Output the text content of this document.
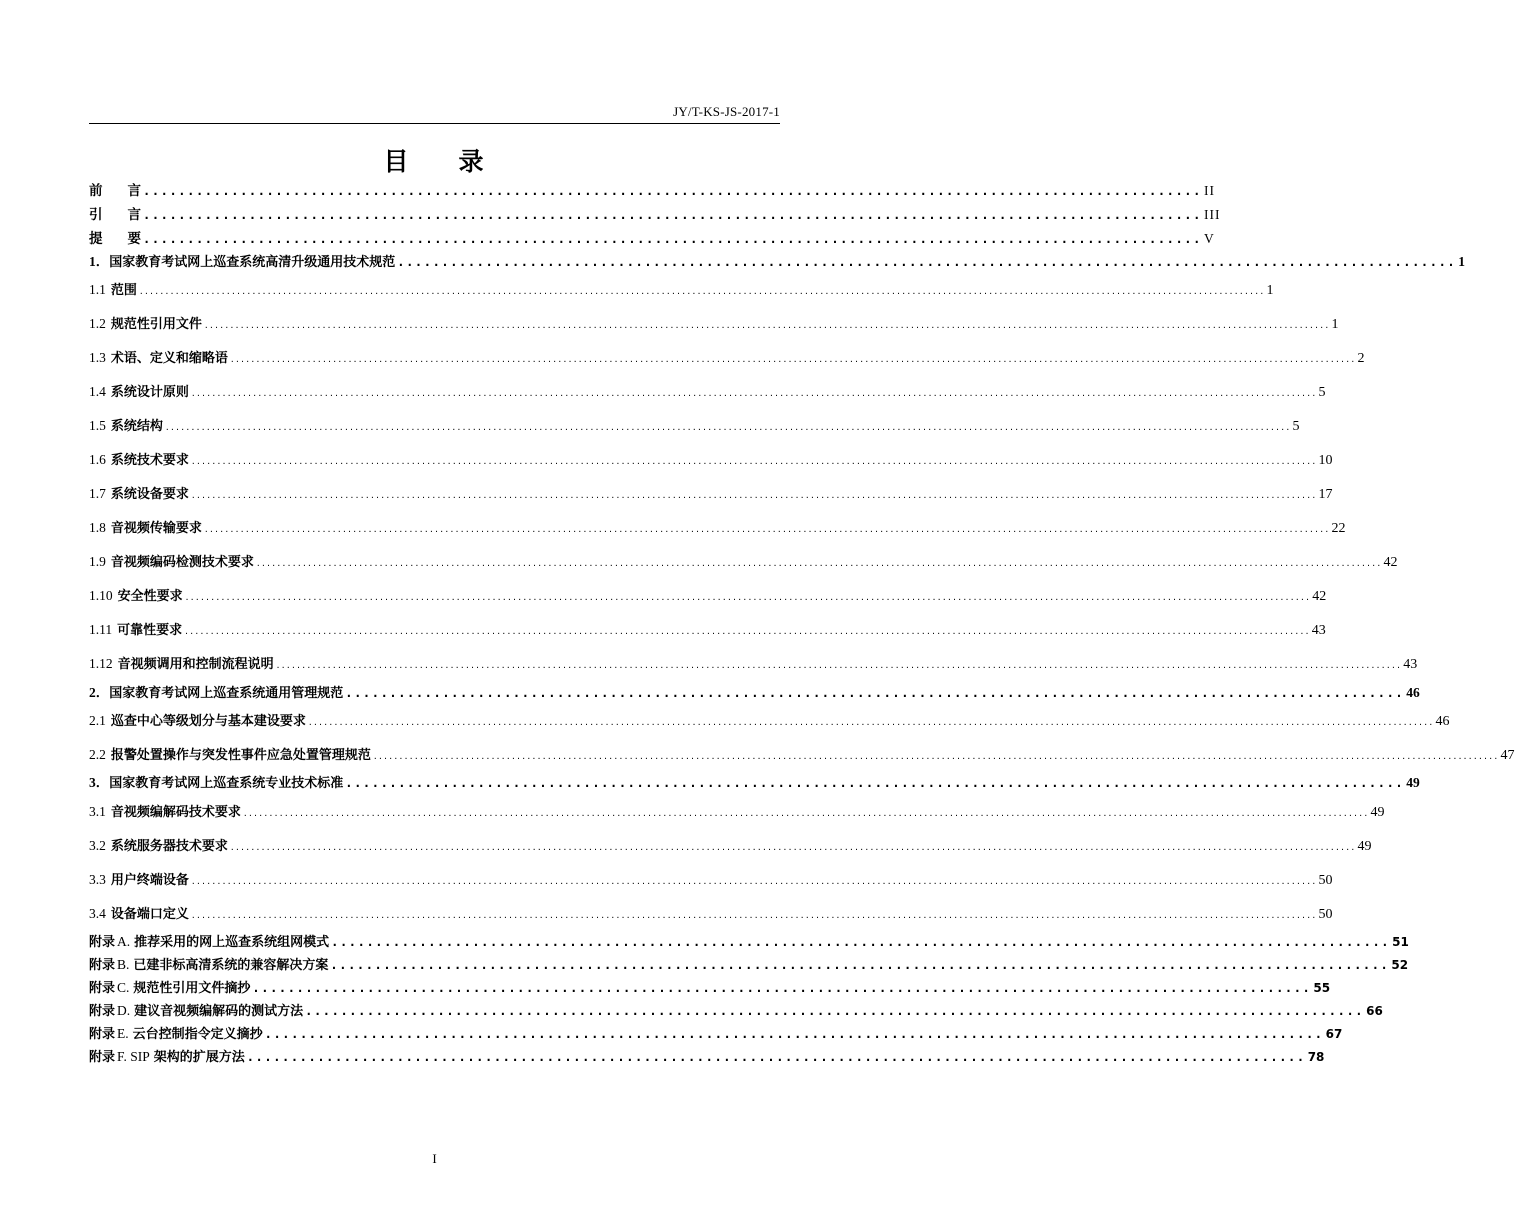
JY/T-KS-JS-2017-1
目 录
前言 ........................................................................................................................ II
引言 ........................................................................................................................ III
提要 ........................................................................................................................ V
1．国家教育考试网上巡查系统高清升级通用技术规范 ........................................................................................................................ 1
1.1 范围 ............................................................................................................................................................................................................................ 1
1.2 规范性引用文件 ............................................................................................................................................................................................................................ 1
1.3 术语、定义和缩略语 ............................................................................................................................................................................................................................ 2
1.4 系统设计原则 ............................................................................................................................................................................................................................ 5
1.5 系统结构 ............................................................................................................................................................................................................................ 5
1.6 系统技术要求 ............................................................................................................................................................................................................................ 10
1.7 系统设备要求 ............................................................................................................................................................................................................................ 17
1.8 音视频传输要求 ............................................................................................................................................................................................................................ 22
1.9 音视频编码检测技术要求 ............................................................................................................................................................................................................................ 42
1.10 安全性要求 ............................................................................................................................................................................................................................ 42
1.11 可靠性要求 ............................................................................................................................................................................................................................ 43
1.12 音视频调用和控制流程说明 ............................................................................................................................................................................................................................ 43
2．国家教育考试网上巡查系统通用管理规范 ........................................................................................................................ 46
2.1 巡查中心等级划分与基本建设要求 ............................................................................................................................................................................................................................ 46
2.2 报警处置操作与突发性事件应急处置管理规范 ............................................................................................................................................................................................................................ 47
3．国家教育考试网上巡查系统专业技术标准 ........................................................................................................................ 49
3.1 音视频编解码技术要求 ............................................................................................................................................................................................................................ 49
3.2 系统服务器技术要求 ............................................................................................................................................................................................................................ 49
3.3 用户终端设备 ............................................................................................................................................................................................................................ 50
3.4 设备端口定义 ............................................................................................................................................................................................................................ 50
附录 A. 推荐采用的网上巡查系统组网模式 ........................................................................................................................ 51
附录 B. 已建非标高清系统的兼容解决方案 ........................................................................................................................ 52
附录 C. 规范性引用文件摘抄 ........................................................................................................................ 55
附录 D. 建议音视频编解码的测试方法 ........................................................................................................................ 66
附录 E. 云台控制指令定义摘抄 ........................................................................................................................ 67
附录 F. SIP 架构的扩展方法 ........................................................................................................................ 78
I
